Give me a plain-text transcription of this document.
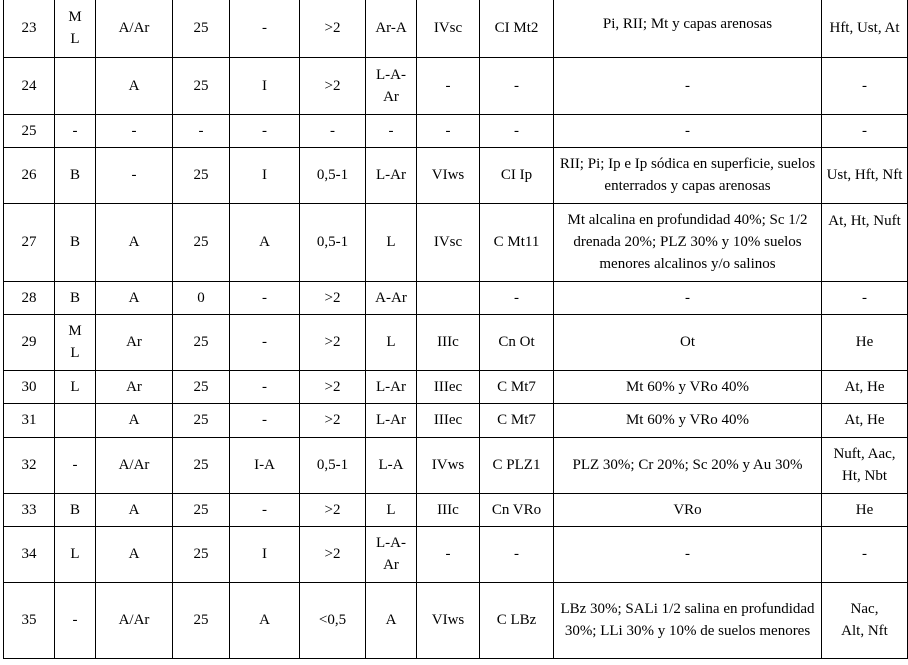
23	M L	A/Ar	25	-	>2	Ar-A	IVsc	CI Mt2	Pi, RII; Mt y capas arenosas	Hft, Ust, At
24		A	25	I	>2	L-A-Ar	-	-	-	-
25	-	-	-	-	-	-	-	-	-	-
26	B	-	25	I	0,5-1	L-Ar	VIws	CI Ip	RII; Pi; Ip e Ip sódica en superficie, suelos enterrados y capas arenosas	Ust, Hft, Nft
27	B	A	25	A	0,5-1	L	IVsc	C Mt11	Mt alcalina en profundidad 40%; Sc 1/2 drenada 20%; PLZ 30% y 10% suelos menores alcalinos y/o salinos	At, Ht, Nuft
28	B	A	0	-	>2	A-Ar		-	-	-
29	M L	Ar	25	-	>2	L	IIIc	Cn Ot	Ot	He
30	L	Ar	25	-	>2	L-Ar	IIIec	C Mt7	Mt 60% y VRo 40%	At, He
31		A	25	-	>2	L-Ar	IIIec	C Mt7	Mt 60% y VRo 40%	At, He
32	-	A/Ar	25	I-A	0,5-1	L-A	IVws	C PLZ1	PLZ 30%; Cr 20%; Sc 20% y Au 30%	Nuft, Aac, Ht, Nbt
33	B	A	25	-	>2	L	IIIc	Cn VRo	VRo	He
34	L	A	25	I	>2	L-A-Ar	-	-	-	-
35	-	A/Ar	25	A	<0,5	A	VIws	C LBz	LBz 30%; SALi 1/2 salina en profundidad 30%; LLi 30% y 10% de suelos menores	Nac, Alt, Nft
